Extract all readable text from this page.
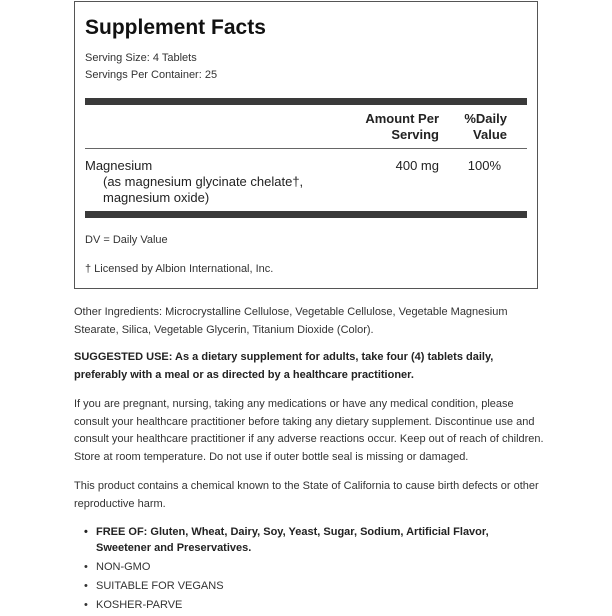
Supplement Facts
Serving Size: 4 Tablets
Servings Per Container: 25
Amount Per
Serving
%Daily
Value
Magnesium
(as magnesium glycinate chelate†,
magnesium oxide)
400 mg 100%
DV = Daily Value
† Licensed by Albion International, Inc.

Other Ingredients: Microcrystalline Cellulose, Vegetable Cellulose, Vegetable Magnesium Stearate, Silica, Vegetable Glycerin, Titanium Dioxide (Color).

SUGGESTED USE: As a dietary supplement for adults, take four (4) tablets daily, preferably with a meal or as directed by a healthcare practitioner.

If you are pregnant, nursing, taking any medications or have any medical condition, please consult your healthcare practitioner before taking any dietary supplement. Discontinue use and consult your healthcare practitioner if any adverse reactions occur. Keep out of reach of children. Store at room temperature. Do not use if outer bottle seal is missing or damaged.

This product contains a chemical known to the State of California to cause birth defects or other reproductive harm.

• FREE OF: Gluten, Wheat, Dairy, Soy, Yeast, Sugar, Sodium, Artificial Flavor, Sweetener and Preservatives.
• NON-GMO
• SUITABLE FOR VEGANS
• KOSHER-PARVE
